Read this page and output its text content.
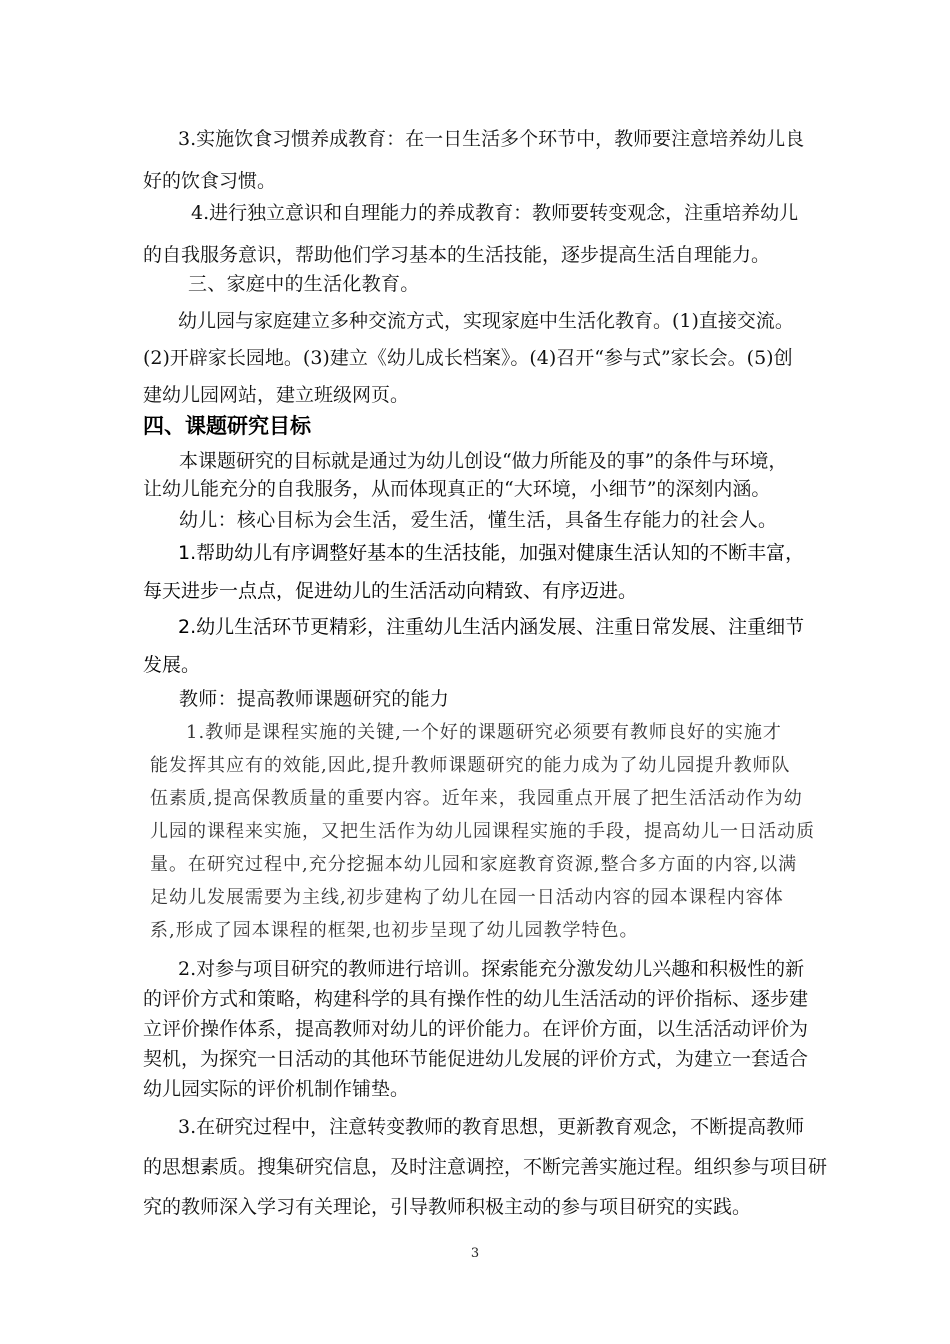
3.实施饮食习惯养成教育：在一日生活多个环节中，教师要注意培养幼儿良
好的饮食习惯。
4.进行独立意识和自理能力的养成教育：教师要转变观念，注重培养幼儿
的自我服务意识，帮助他们学习基本的生活技能，逐步提高生活自理能力。
三、家庭中的生活化教育。
幼儿园与家庭建立多种交流方式，实现家庭中生活化教育。(1)直接交流。
(2)开辟家长园地。(3)建立《幼儿成长档案》。(4)召开“参与式”家长会。(5)创
建幼儿园网站，建立班级网页。
四、课题研究目标
本课题研究的目标就是通过为幼儿创设“做力所能及的事”的条件与环境，
让幼儿能充分的自我服务，从而体现真正的“大环境，小细节”的深刻内涵。
幼儿：核心目标为会生活，爱生活，懂生活，具备生存能力的社会人。
1.帮助幼儿有序调整好基本的生活技能，加强对健康生活认知的不断丰富，
每天进步一点点，促进幼儿的生活活动向精致、有序迈进。
2.幼儿生活环节更精彩，注重幼儿生活内涵发展、注重日常发展、注重细节
发展。
教师：提高教师课题研究的能力
1.教师是课程实施的关键,一个好的课题研究必须要有教师良好的实施才
能发挥其应有的效能,因此,提升教师课题研究的能力成为了幼儿园提升教师队
伍素质,提高保教质量的重要内容。近年来，我园重点开展了把生活活动作为幼
儿园的课程来实施，又把生活作为幼儿园课程实施的手段，提高幼儿一日活动质
量。在研究过程中,充分挖掘本幼儿园和家庭教育资源,整合多方面的内容,以满
足幼儿发展需要为主线,初步建构了幼儿在园一日活动内容的园本课程内容体
系,形成了园本课程的框架,也初步呈现了幼儿园教学特色。
2.对参与项目研究的教师进行培训。探索能充分激发幼儿兴趣和积极性的新
的评价方式和策略，构建科学的具有操作性的幼儿生活活动的评价指标、逐步建
立评价操作体系，提高教师对幼儿的评价能力。在评价方面，以生活活动评价为
契机，为探究一日活动的其他环节能促进幼儿发展的评价方式，为建立一套适合
幼儿园实际的评价机制作铺垫。
3.在研究过程中，注意转变教师的教育思想，更新教育观念，不断提高教师
的思想素质。搜集研究信息，及时注意调控，不断完善实施过程。组织参与项目研
究的教师深入学习有关理论，引导教师积极主动的参与项目研究的实践。
3
